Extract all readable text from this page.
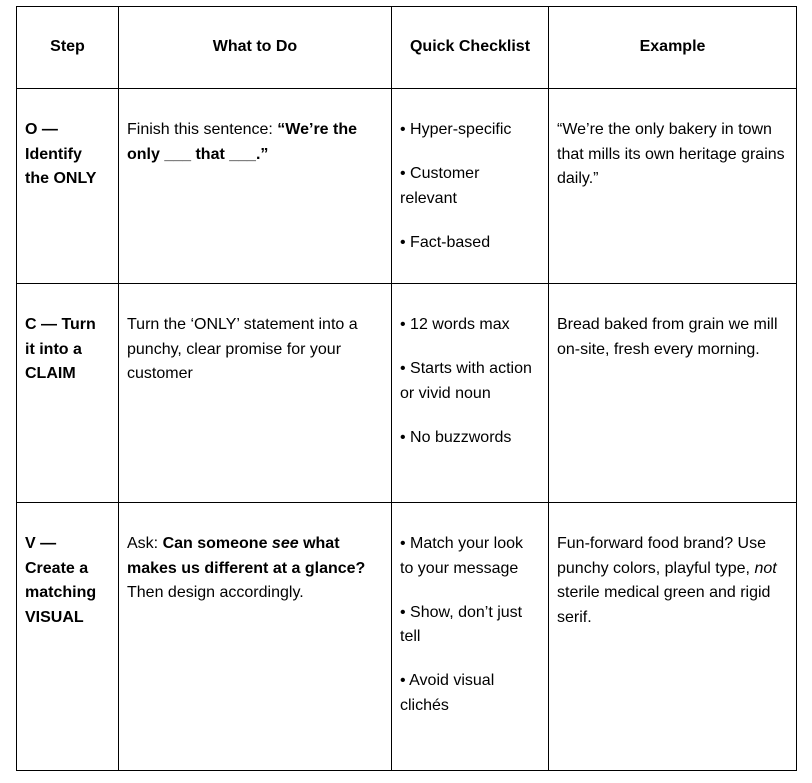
Step	What to Do	Quick Checklist	Example

O — Identify the ONLY	Finish this sentence: “We’re the only ___ that ___.”	• Hyper-specific

• Customer relevant

• Fact-based	“We’re the only bakery in town that mills its own heritage grains daily.”

C — Turn it into a CLAIM	Turn the ‘ONLY’ statement into a punchy, clear promise for your customer	• 12 words max

• Starts with action or vivid noun

• No buzzwords	Bread baked from grain we mill on-site, fresh every morning.

V — Create a matching VISUAL	Ask: Can someone see what makes us different at a glance? Then design accordingly.	• Match your look to your message

• Show, don’t just tell

• Avoid visual clichés	Fun-forward food brand? Use punchy colors, playful type, not sterile medical green and rigid serif.
